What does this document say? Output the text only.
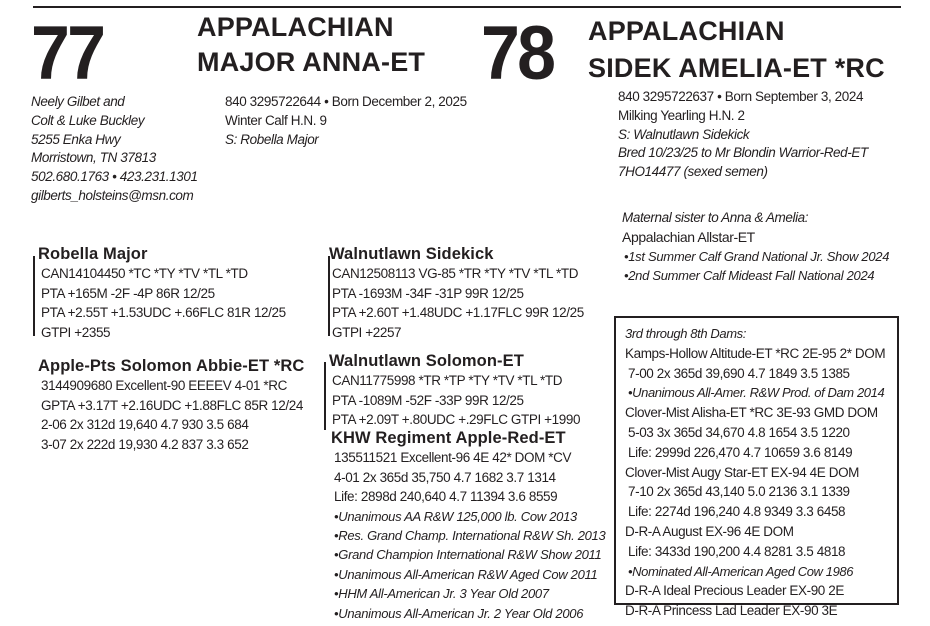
77	APPALACHIAN
MAJOR ANNA-ET 78 APPALACHIAN
SIDEK AMELIA-ET *RC
Neely Gilbet and
Colt & Luke Buckley
5255 Enka Hwy
Morristown, TN 37813
502.680.1763 • 423.231.1301
gilberts_holsteins@msn.com
840 3295722644 • Born December 2, 2025
Winter Calf H.N. 9
S: Robella Major
840 3295722637 • Born September 3, 2024
Milking Yearling H.N. 2
S: Walnutlawn Sidekick
Bred 10/23/25 to Mr Blondin Warrior-Red-ET
7HO14477 (sexed semen)
Maternal sister to Anna & Amelia:
Appalachian Allstar-ET
•1st Summer Calf Grand National Jr. Show 2024
•2nd Summer Calf Mideast Fall National 2024
Robella Major
CAN14104450 *TC *TY *TV *TL *TD
PTA +165M -2F -4P 86R 12/25
PTA +2.55T +1.53UDC +.66FLC 81R 12/25
GTPI +2355
Apple-Pts Solomon Abbie-ET *RC
3144909680 Excellent-90 EEEEV 4-01 *RC
GPTA +3.17T +2.16UDC +1.88FLC 85R 12/24
2-06 2x 312d 19,640 4.7 930 3.5 684
3-07 2x 222d 19,930 4.2 837 3.3 652
Walnutlawn Sidekick
CAN12508113 VG-85 *TR *TY *TV *TL *TD
PTA -1693M -34F -31P 99R 12/25
PTA +2.60T +1.48UDC +1.17FLC 99R 12/25
GTPI +2257
Walnutlawn Solomon-ET
CAN11775998 *TR *TP *TY *TV *TL *TD
PTA -1089M -52F -33P 99R 12/25
PTA +2.09T +.80UDC +.29FLC GTPI +1990
KHW Regiment Apple-Red-ET
135511521 Excellent-96 4E 42* DOM *CV
4-01 2x 365d 35,750 4.7 1682 3.7 1314
Life: 2898d 240,640 4.7 11394 3.6 8559
•Unanimous AA R&W 125,000 lb. Cow 2013
•Res. Grand Champ. International R&W Sh. 2013
•Grand Champion International R&W Show 2011
•Unanimous All-American R&W Aged Cow 2011
•HHM All-American Jr. 3 Year Old 2007
•Unanimous All-American Jr. 2 Year Old 2006
3rd through 8th Dams:
Kamps-Hollow Altitude-ET *RC 2E-95 2* DOM
7-00 2x 365d 39,690 4.7 1849 3.5 1385
•Unanimous All-Amer. R&W Prod. of Dam 2014
Clover-Mist Alisha-ET *RC 3E-93 GMD DOM
5-03 3x 365d 34,670 4.8 1654 3.5 1220
Life: 2999d 226,470 4.7 10659 3.6 8149
Clover-Mist Augy Star-ET EX-94 4E DOM
7-10 2x 365d 43,140 5.0 2136 3.1 1339
Life: 2274d 196,240 4.8 9349 3.3 6458
D-R-A August EX-96 4E DOM
Life: 3433d 190,200 4.4 8281 3.5 4818
•Nominated All-American Aged Cow 1986
D-R-A Ideal Precious Leader EX-90 2E
D-R-A Princess Lad Leader EX-90 3E
